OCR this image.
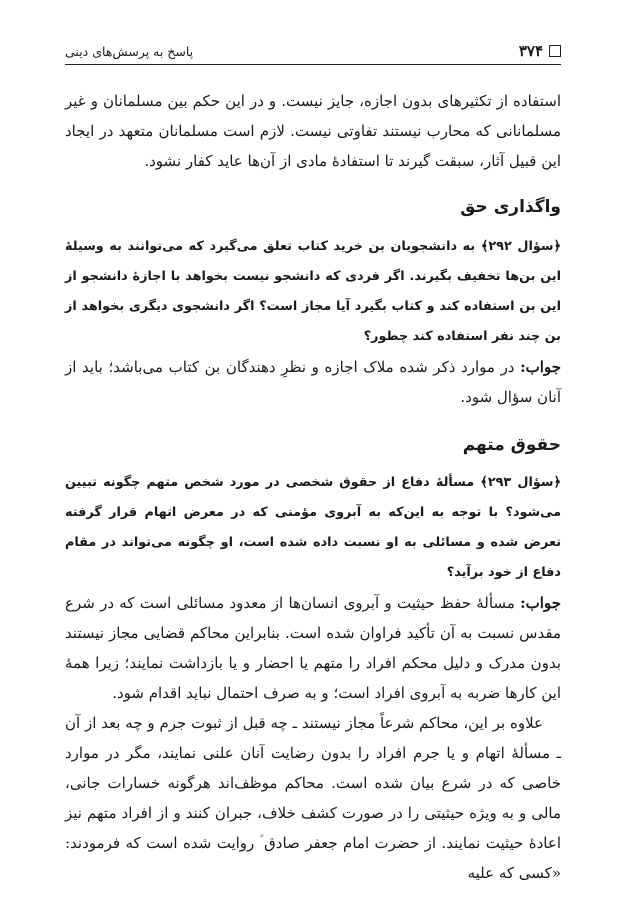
۳۷۴
پاسخ به پرسش‌های دینی

استفاده از تکثیرهای بدون اجازه، جایز نیست. و در این حکم بین مسلمانان و غیر مسلمانانی که محارب نیستند تفاوتی نیست. لازم است مسلمانان متعهد در ایجاد این قبیل آثار، سبقت گیرند تا استفادهٔ مادی از آن‌ها عاید کفار نشود.

واگذاری حق

﴿سؤال ۲۹۲﴾ به دانشجویان بن خرید کتاب تعلق می‌گیرد که می‌توانند به وسیلهٔ این بن‌ها تخفیف بگیرند. اگر فردی که دانشجو نیست بخواهد با اجازهٔ دانشجو از این بن استفاده کند و کتاب بگیرد آیا مجاز است؟ اگر دانشجوی دیگری بخواهد از بن چند نفر استفاده کند چطور؟

جواب: در موارد ذکر شده ملاک اجازه و نظرِ دهندگان بن کتاب می‌باشد؛ باید از آنان سؤال شود.

حقوق متهم

﴿سؤال ۲۹۳﴾ مسألهٔ دفاع از حقوق شخصی در مورد شخص متهم چگونه تبیین می‌شود؟ با توجه به این‌که به آبروی مؤمنی که در معرض اتهام قرار گرفته تعرض شده و مسائلی به او نسبت داده شده است، او چگونه می‌تواند در مقام دفاع از خود برآید؟

جواب: مسألهٔ حفظ حیثیت و آبروی انسان‌ها از معدود مسائلی است که در شرع مقدس نسبت به آن تأکید فراوان شده است. بنابراین محاکم قضایی مجاز نیستند بدون مدرک و دلیل محکم افراد را متهم یا احضار و یا بازداشت نمایند؛ زیرا همهٔ این کارها ضربه به آبروی افراد است؛ و به صرف احتمال نباید اقدام شود.

علاوه بر این، محاکم شرعاً مجاز نیستند ـ چه قبل از ثبوت جرم و چه بعد از آن ـ مسألهٔ اتهام و یا جرم افراد را بدون رضایت آنان علنی نمایند، مگر در موارد خاصی که در شرع بیان شده است. محاکم موظف‌اند هرگونه خسارات جانی، مالی و به ویژه حیثیتی را در صورت کشف خلاف، جبران کنند و از افراد متهم نیز اعادهٔ حیثیت نمایند. از حضرت امام جعفر صادق ؑ روایت شده است که فرمودند: «کسی که علیه
